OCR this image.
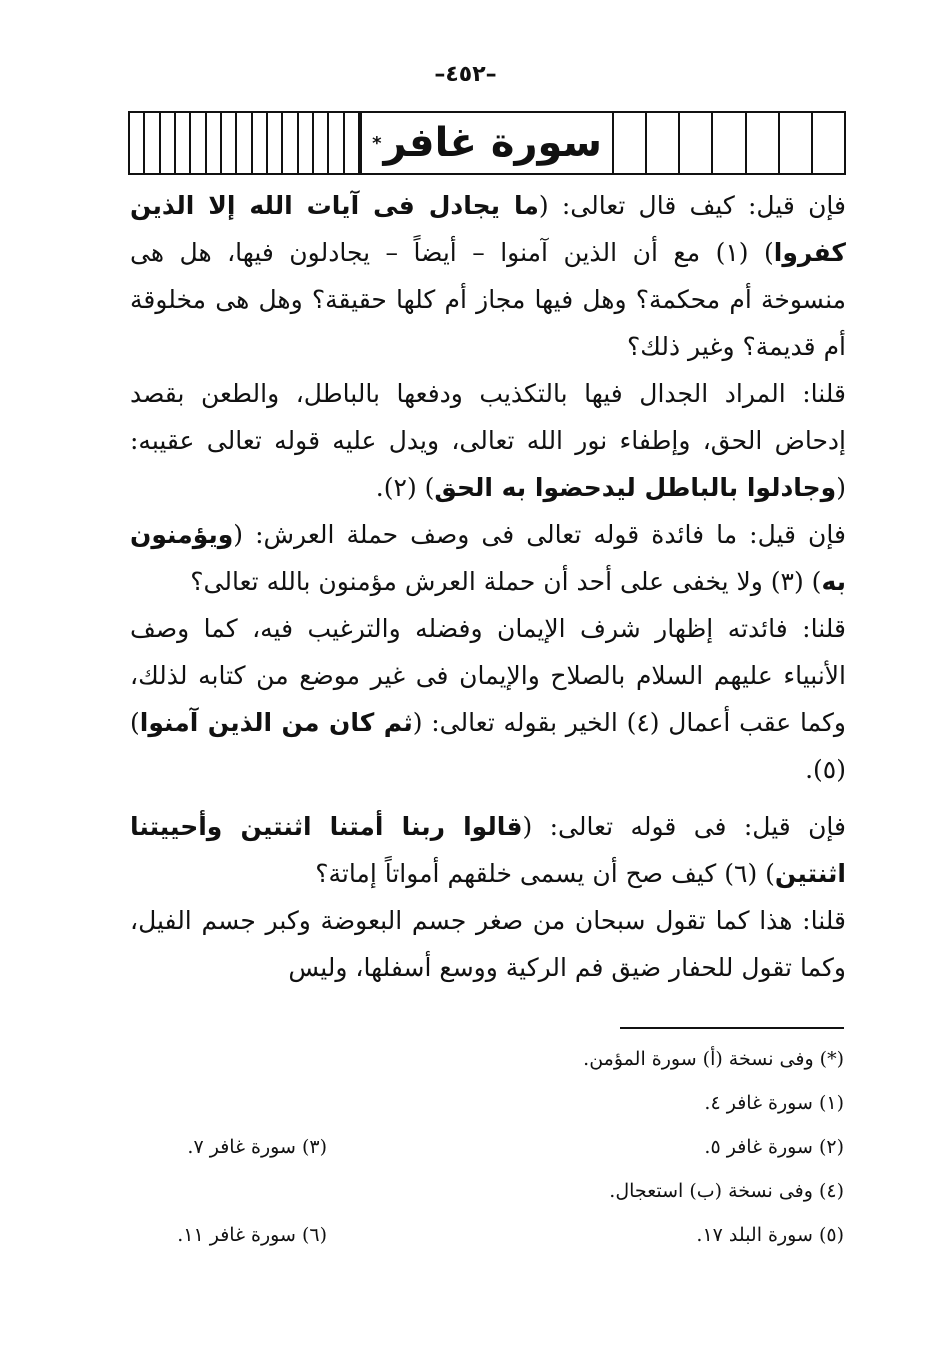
–٤٥٢–
سورة غافر
*

فإن قيل: كيف قال تعالى: (ما يجادل فى آيات الله إلا الذين كفروا) (١) مع أن الذين آمنوا – أيضاً – يجادلون فيها، هل هى منسوخة أم محكمة؟ وهل فيها مجاز أم كلها حقيقة؟ وهل هى مخلوقة أم قديمة؟ وغير ذلك؟

قلنا: المراد الجدال فيها بالتكذيب ودفعها بالباطل، والطعن بقصد إدحاض الحق، وإطفاء نور الله تعالى، ويدل عليه قوله تعالى عقيبه: (وجادلوا بالباطل ليدحضوا به الحق) (٢).

فإن قيل: ما فائدة قوله تعالى فى وصف حملة العرش: (ويؤمنون به) (٣) ولا يخفى على أحد أن حملة العرش مؤمنون بالله تعالى؟

قلنا: فائدته إظهار شرف الإيمان وفضله والترغيب فيه، كما وصف الأنبياء عليهم السلام بالصلاح والإيمان فى غير موضع من كتابه لذلك، وكما عقب أعمال (٤) الخير بقوله تعالى: (ثم كان من الذين آمنوا) (٥).

فإن قيل: فى قوله تعالى: (قالوا ربنا أمتنا اثنتين وأحييتنا اثنتين) (٦) كيف صح أن يسمى خلقهم أمواتاً إماتة؟

قلنا: هذا كما تقول سبحان من صغر جسم البعوضة وكبر جسم الفيل، وكما تقول للحفار ضيق فم الركية ووسع أسفلها، وليس

(*) وفى نسخة (أ) سورة المؤمن.
(١) سورة غافر ٤.
(٢) سورة غافر ٥.
(٤) وفى نسخة (ب) استعجال.
(٥) سورة البلد ١٧.
(٣) سورة غافر ٧.
(٦) سورة غافر ١١.
